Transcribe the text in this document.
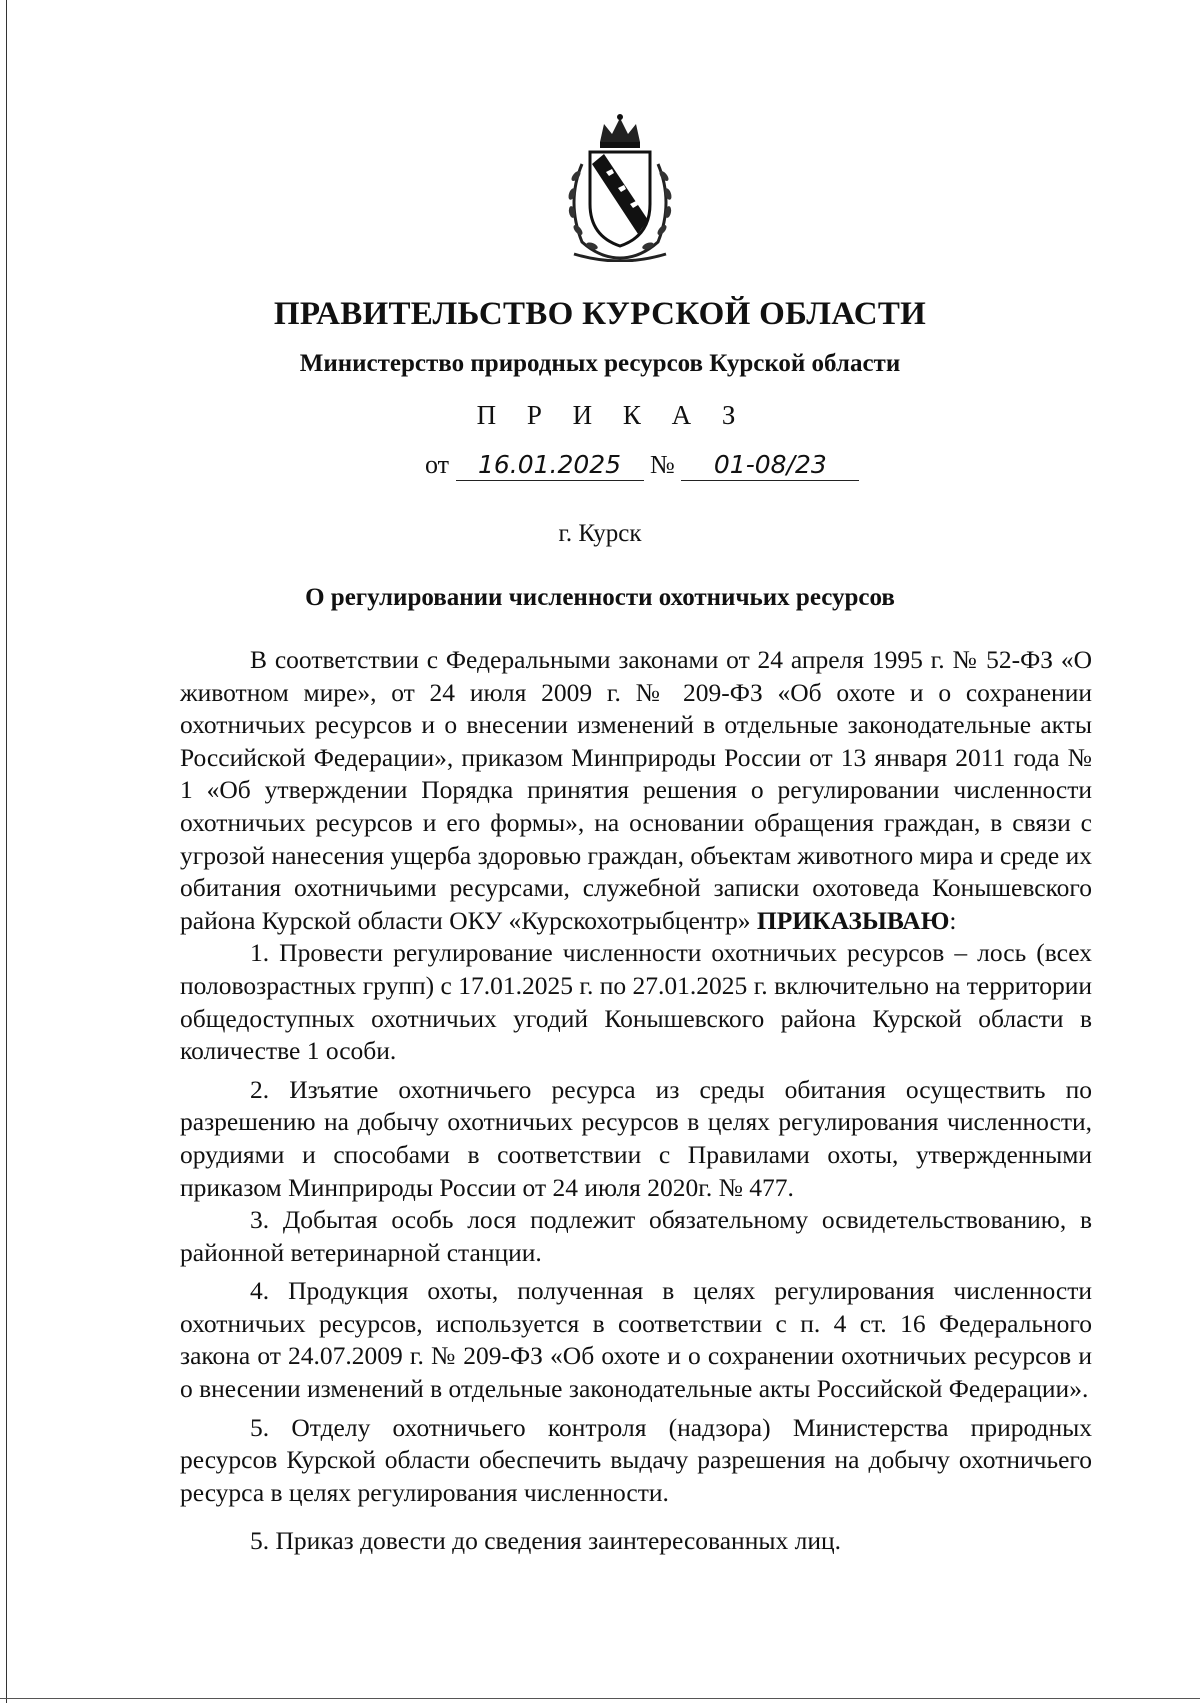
ПРАВИТЕЛЬСТВО КУРСКОЙ ОБЛАСТИ
Министерство природных ресурсов Курской области
П Р И К А З
от 16.01.2025 № 01-08/23
г. Курск
О регулировании численности охотничьих ресурсов

В соответствии с Федеральными законами от 24 апреля 1995 г. № 52-ФЗ «О животном мире», от 24 июля 2009 г. № 209-ФЗ «Об охоте и о сохранении охотничьих ресурсов и о внесении изменений в отдельные законодательные акты Российской Федерации», приказом Минприроды России от 13 января 2011 года № 1 «Об утверждении Порядка принятия решения о регулировании численности охотничьих ресурсов и его формы», на основании обращения граждан, в связи с угрозой нанесения ущерба здоровью граждан, объектам животного мира и среде их обитания охотничьими ресурсами, служебной записки охотоведа Конышевского района Курской области ОКУ «Курскохотрыбцентр» ПРИКАЗЫВАЮ:

1. Провести регулирование численности охотничьих ресурсов – лось (всех половозрастных групп) с 17.01.2025 г. по 27.01.2025 г. включительно на территории общедоступных охотничьих угодий Конышевского района Курской области в количестве 1 особи.

2. Изъятие охотничьего ресурса из среды обитания осуществить по разрешению на добычу охотничьих ресурсов в целях регулирования численности, орудиями и способами в соответствии с Правилами охоты, утвержденными приказом Минприроды России от 24 июля 2020г. № 477.

3. Добытая особь лося подлежит обязательному освидетельствованию, в районной ветеринарной станции.

4. Продукция охоты, полученная в целях регулирования численности охотничьих ресурсов, используется в соответствии с п. 4 ст. 16 Федерального закона от 24.07.2009 г. № 209-ФЗ «Об охоте и о сохранении охотничьих ресурсов и о внесении изменений в отдельные законодательные акты Российской Федерации».

5. Отделу охотничьего контроля (надзора) Министерства природных ресурсов Курской области обеспечить выдачу разрешения на добычу охотничьего ресурса в целях регулирования численности.

5. Приказ довести до сведения заинтересованных лиц.
